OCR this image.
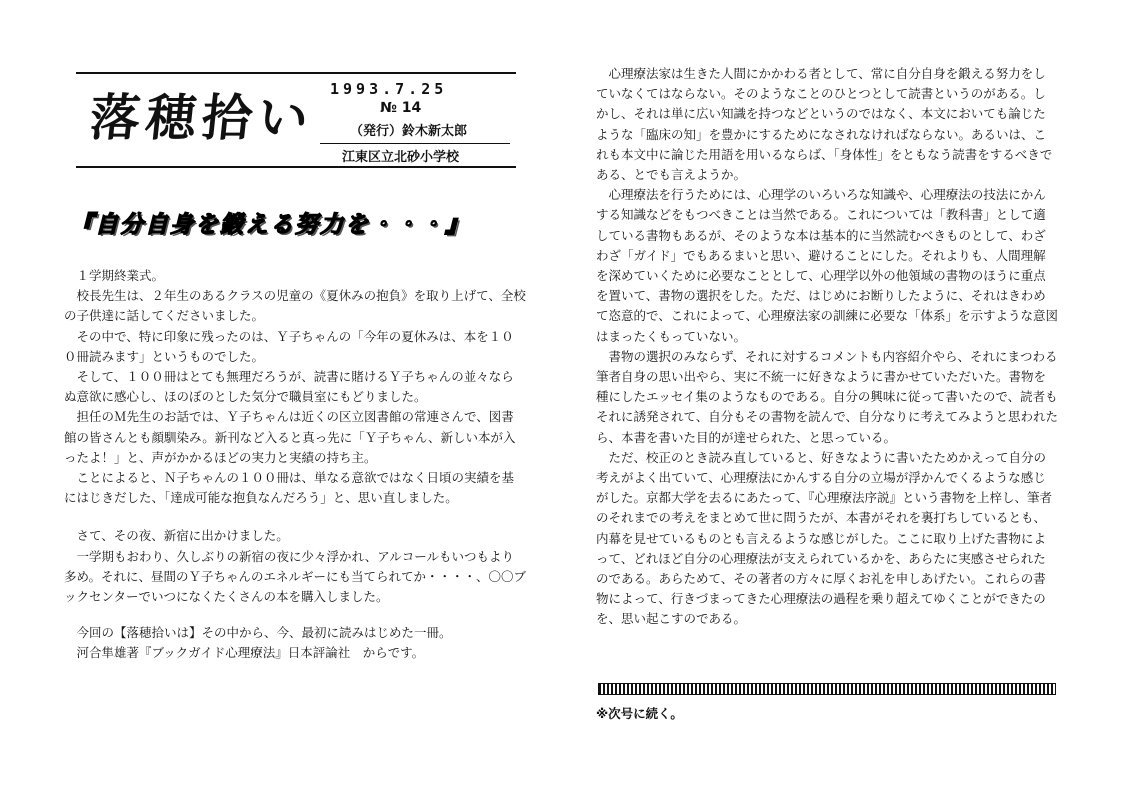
落穂拾い 1993.7.25
№ 14
（発行）鈴木新太郎
江東区立北砂小学校
『自分自身を鍛える努力を・・・』

１学期終業式。

校長先生は、２年生のあるクラスの児童の《夏休みの抱負》を取り上げて、全校の子供達に話してくださいました。

その中で、特に印象に残ったのは、Ｙ子ちゃんの「今年の夏休みは、本を１００冊読みます」というものでした。

そして、１００冊はとても無理だろうが、読書に賭けるＹ子ちゃんの並々ならぬ意欲に感心し、ほのぼのとした気分で職員室にもどりました。

担任のＭ先生のお話では、Ｙ子ちゃんは近くの区立図書館の常連さんで、図書館の皆さんとも顔馴染み。新刊など入ると真っ先に「Ｙ子ちゃん、新しい本が入ったよ！」と、声がかかるほどの実力と実績の持ち主。

ことによると、Ｎ子ちゃんの１００冊は、単なる意欲ではなく日頃の実績を基にはじきだした、「達成可能な抱負なんだろう」と、思い直しました。

さて、その夜、新宿に出かけました。

一学期もおわり、久しぶりの新宿の夜に少々浮かれ、アルコールもいつもより多め。それに、昼間のＹ子ちゃんのエネルギーにも当てられてか・・・・、〇〇ブックセンターでいつになくたくさんの本を購入しました。

今回の【落穂拾いは】その中から、今、最初に読みはじめた一冊。

河合隼雄著『ブックガイド心理療法』日本評論社　からです。

心理療法家は生きた人間にかかわる者として、常に自分自身を鍛える努力をしていなくてはならない。そのようなことのひとつとして読書というのがある。しかし、それは単に広い知識を持つなどというのではなく、本文においても論じたような「臨床の知」を豊かにするためになされなければならない。あるいは、これも本文中に論じた用語を用いるならば、「身体性」をともなう読書をするべきである、とでも言えようか。

心理療法を行うためには、心理学のいろいろな知識や、心理療法の技法にかんする知識などをもつべきことは当然である。これについては「教科書」として適している書物もあるが、そのような本は基本的に当然読むべきものとして、わざわざ「ガイド」でもあるまいと思い、避けることにした。それよりも、人間理解を深めていくために必要なこととして、心理学以外の他領域の書物のほうに重点を置いて、書物の選択をした。ただ、はじめにお断りしたように、それはきわめて恣意的で、これによって、心理療法家の訓練に必要な「体系」を示すような意図はまったくもっていない。

書物の選択のみならず、それに対するコメントも内容紹介やら、それにまつわる筆者自身の思い出やら、実に不統一に好きなように書かせていただいた。書物を種にしたエッセイ集のようなものである。自分の興味に従って書いたので、読者もそれに誘発されて、自分もその書物を読んで、自分なりに考えてみようと思われたら、本書を書いた目的が達せられた、と思っている。

ただ、校正のとき読み直していると、好きなように書いたためかえって自分の考えがよく出ていて、心理療法にかんする自分の立場が浮かんでくるような感じがした。京都大学を去るにあたって、『心理療法序説』という書物を上梓し、筆者のそれまでの考えをまとめて世に問うたが、本書がそれを裏打ちしているとも、内幕を見せているものとも言えるような感じがした。ここに取り上げた書物によって、どれほど自分の心理療法が支えられているかを、あらたに実感させられたのである。あらためて、その著者の方々に厚くお礼を申しあげたい。これらの書物によって、行きづまってきた心理療法の過程を乗り超えてゆくことができたのを、思い起こすのである。

※次号に続く。
